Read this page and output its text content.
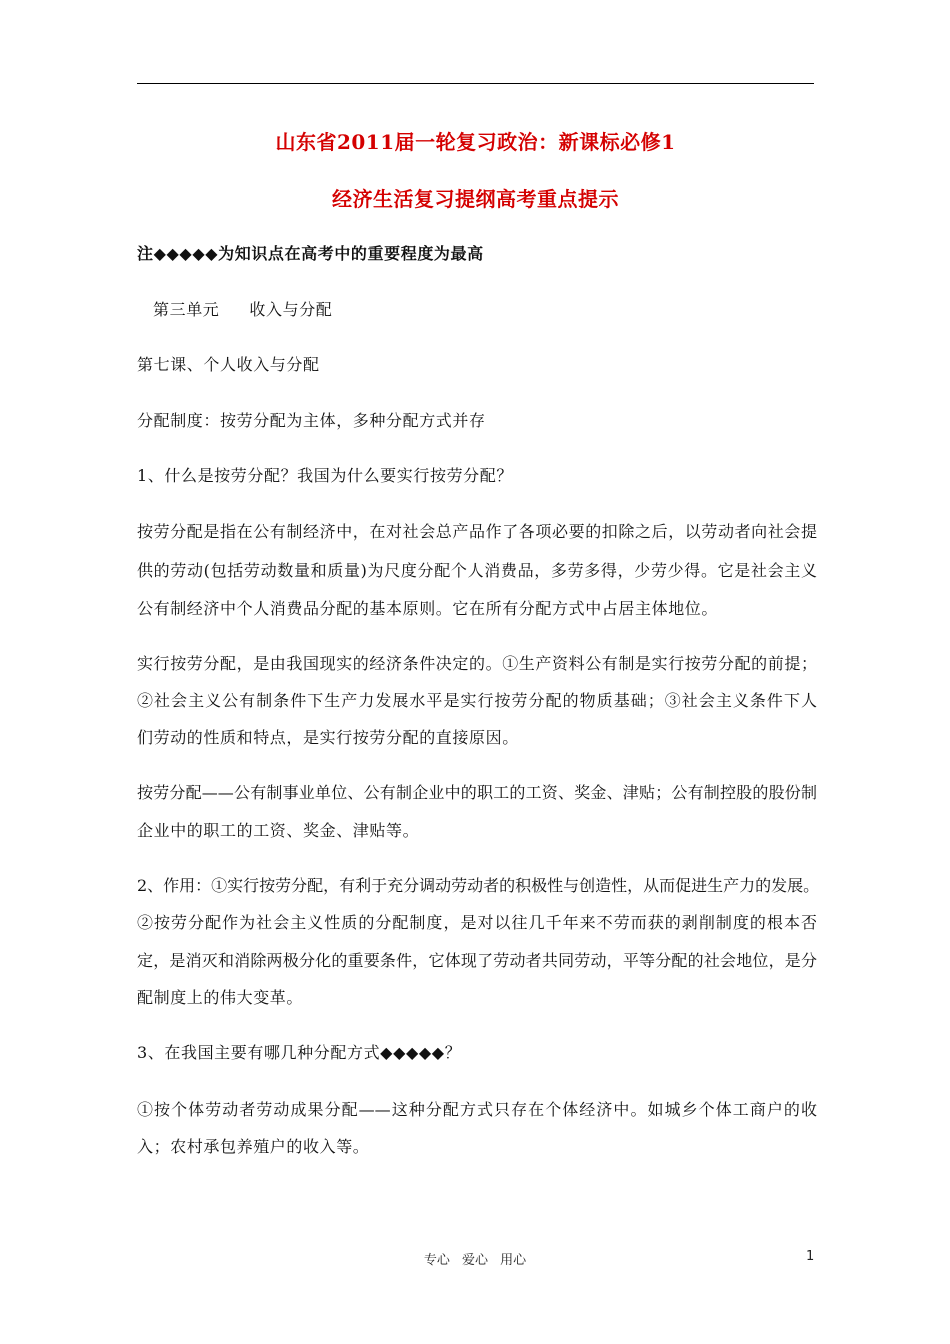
山东省2011届一轮复习政治：新课标必修1
经济生活复习提纲高考重点提示
注◆◆◆◆◆为知识点在高考中的重要程度为最高
第三单元 收入与分配
第七课、个人收入与分配
分配制度：按劳分配为主体，多种分配方式并存
1、什么是按劳分配？我国为什么要实行按劳分配？
按劳分配是指在公有制经济中，在对社会总产品作了各项必要的扣除之后，以劳动者向社会提
供的劳动(包括劳动数量和质量)为尺度分配个人消费品，多劳多得，少劳少得。它是社会主义
公有制经济中个人消费品分配的基本原则。它在所有分配方式中占居主体地位。
实行按劳分配，是由我国现实的经济条件决定的。①生产资料公有制是实行按劳分配的前提；
②社会主义公有制条件下生产力发展水平是实行按劳分配的物质基础；③社会主义条件下人
们劳动的性质和特点，是实行按劳分配的直接原因。
按劳分配——公有制事业单位、公有制企业中的职工的工资、奖金、津贴；公有制控股的股份制
企业中的职工的工资、奖金、津贴等。
2、作用：①实行按劳分配，有利于充分调动劳动者的积极性与创造性，从而促进生产力的发展。
②按劳分配作为社会主义性质的分配制度，是对以往几千年来不劳而获的剥削制度的根本否
定，是消灭和消除两极分化的重要条件，它体现了劳动者共同劳动，平等分配的社会地位，是分
配制度上的伟大变革。
3、在我国主要有哪几种分配方式◆◆◆◆◆？
①按个体劳动者劳动成果分配——这种分配方式只存在个体经济中。如城乡个体工商户的收
入；农村承包养殖户的收入等。
专心 爱心 用心	1
